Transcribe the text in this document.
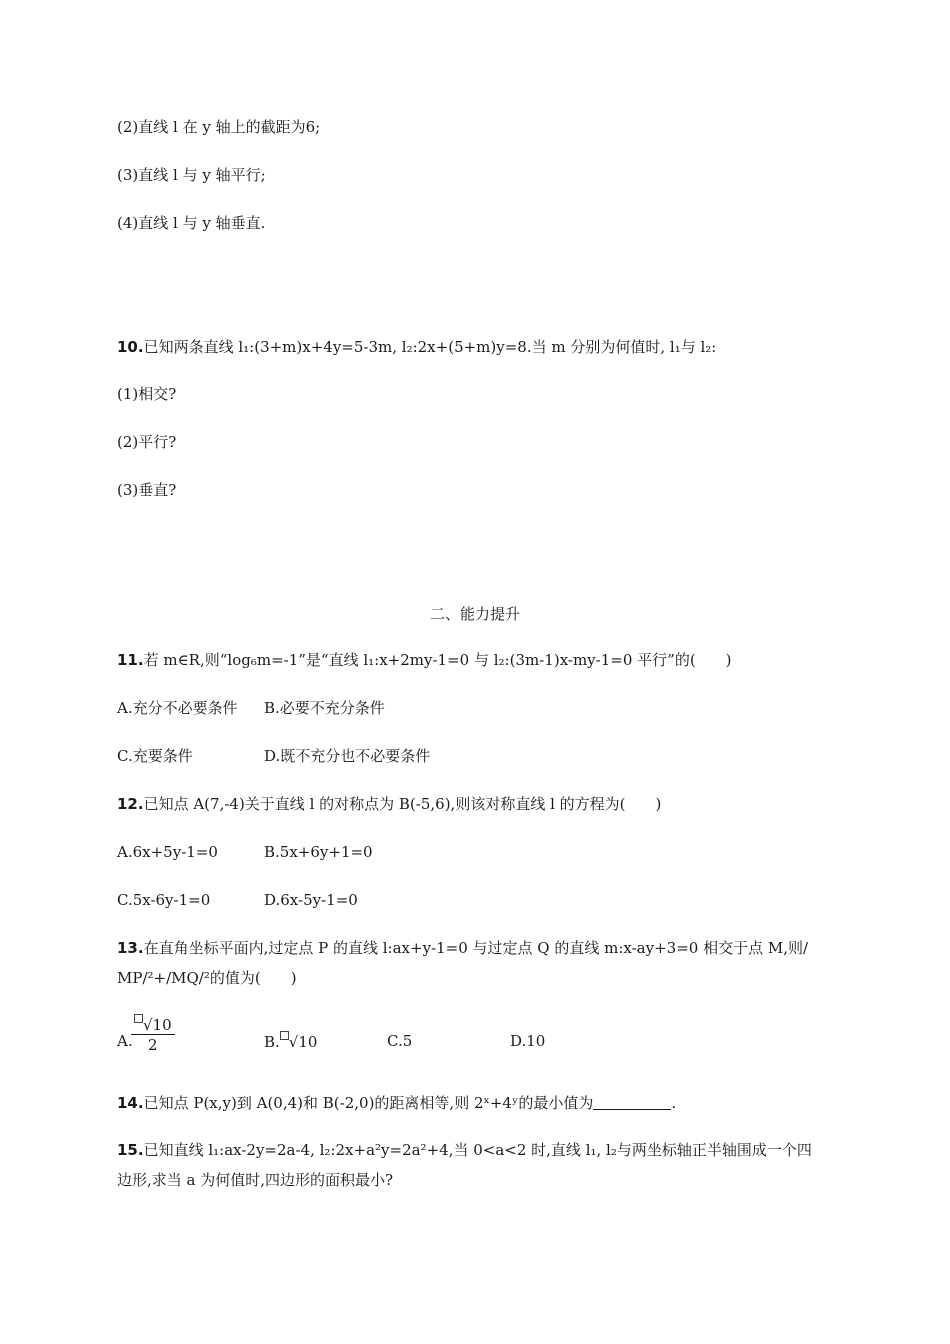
(2)直线 l 在 y 轴上的截距为6;
(3)直线 l 与 y 轴平行;
(4)直线 l 与 y 轴垂直.
10.已知两条直线 l₁:(3+m)x+4y=5-3m, l₂:2x+(5+m)y=8.当 m 分别为何值时, l₁与 l₂:
(1)相交?
(2)平行?
(3)垂直?
二、能力提升
11.若 m∈R,则“log₆m=-1”是“直线 l₁:x+2my-1=0 与 l₂:(3m-1)x-my-1=0 平行”的(　　)
A.充分不必要条件 B.必要不充分条件
C.充要条件	D.既不充分也不必要条件
12.已知点 A(7,-4)关于直线 l 的对称点为 B(-5,6),则该对称直线 l 的方程为(　　)
A.6x+5y-1=0	B.5x+6y+1=0
C.5x-6y-1=0	D.6x-5y-1=0
13.在直角坐标平面内,过定点 P 的直线 l:ax+y-1=0 与过定点 Q 的直线 m:x-ay+3=0 相交于点 M,则/
MP/²+/MQ/²的值为(　　)
A.
√10
2	B. √10	C.5	D.10
14.已知点 P(x,y)到 A(0,4)和 B(-2,0)的距离相等,则 2ˣ+4ʸ的最小值为	.
15.已知直线 l₁:ax-2y=2a-4, l₂:2x+a²y=2a²+4,当 0<a<2 时,直线 l₁, l₂与两坐标轴正半轴围成一个四
边形,求当 a 为何值时,四边形的面积最小?
